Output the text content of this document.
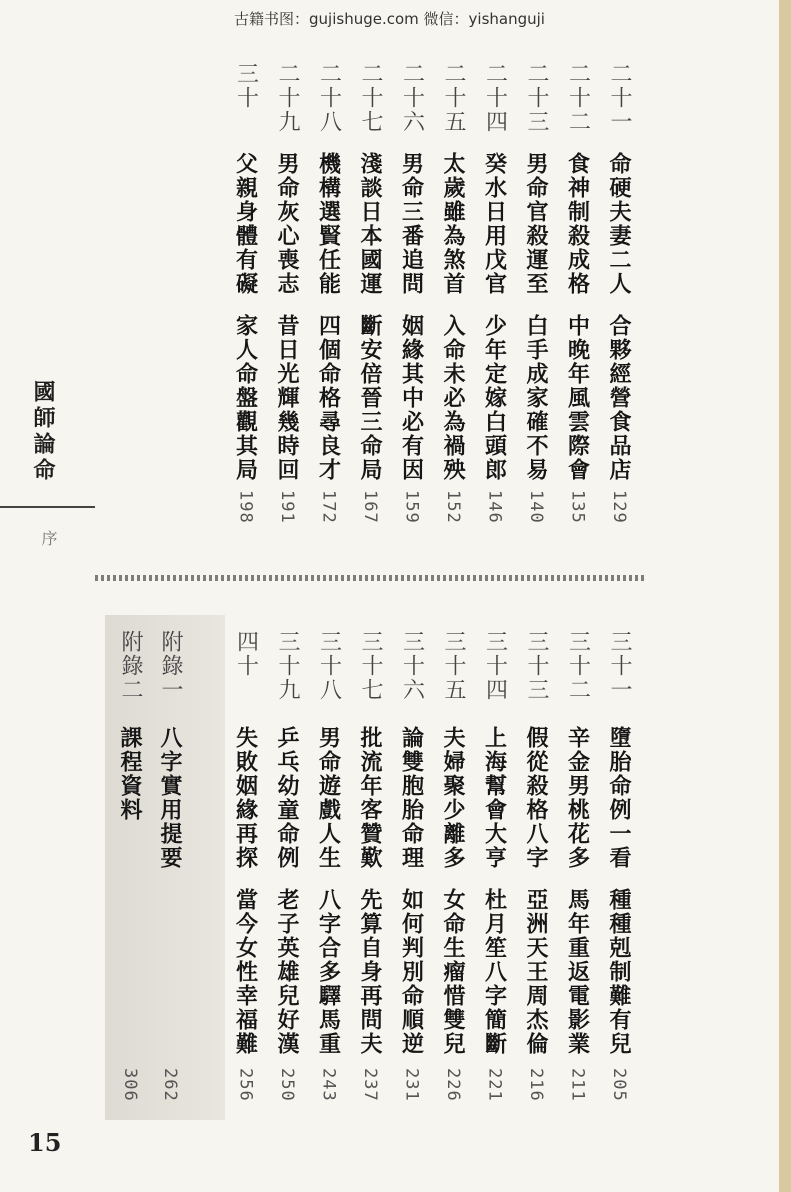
古籍书图：gujishuge.com 微信：yishanguji
二十一
命硬夫妻二人
合夥經營食品店
129
二十二
食神制殺成格
中晚年風雲際會
135
二十三
男命官殺運至
白手成家確不易
140
二十四
癸水日用戊官
少年定嫁白頭郎
146
二十五
太歲雖為煞首
入命未必為禍殃
152
二十六
男命三番追問
姻緣其中必有因
159
二十七
淺談日本國運
斷安倍晉三命局
167
二十八
機構選賢任能
四個命格尋良才
172
二十九
男命灰心喪志
昔日光輝幾時回
191
三十
父親身體有礙
家人命盤觀其局
198
三十一
墮胎命例一看
種種剋制難有兒
205
三十二
辛金男桃花多
馬年重返電影業
211
三十三
假從殺格八字
亞洲天王周杰倫
216
三十四
上海幫會大亨
杜月笙八字簡斷
221
三十五
夫婦聚少離多
女命生瘤惜雙兒
226
三十六
論雙胞胎命理
如何判別命順逆
231
三十七
批流年客贊歎
先算自身再問夫
237
三十八
男命遊戲人生
八字合多驛馬重
243
三十九
乒乓幼童命例
老子英雄兒好漢
250
四十
失敗姻緣再探
當今女性幸福難
256
附錄一
八字實用提要
262
附錄二
課程資料
306
國師論命
序
15
